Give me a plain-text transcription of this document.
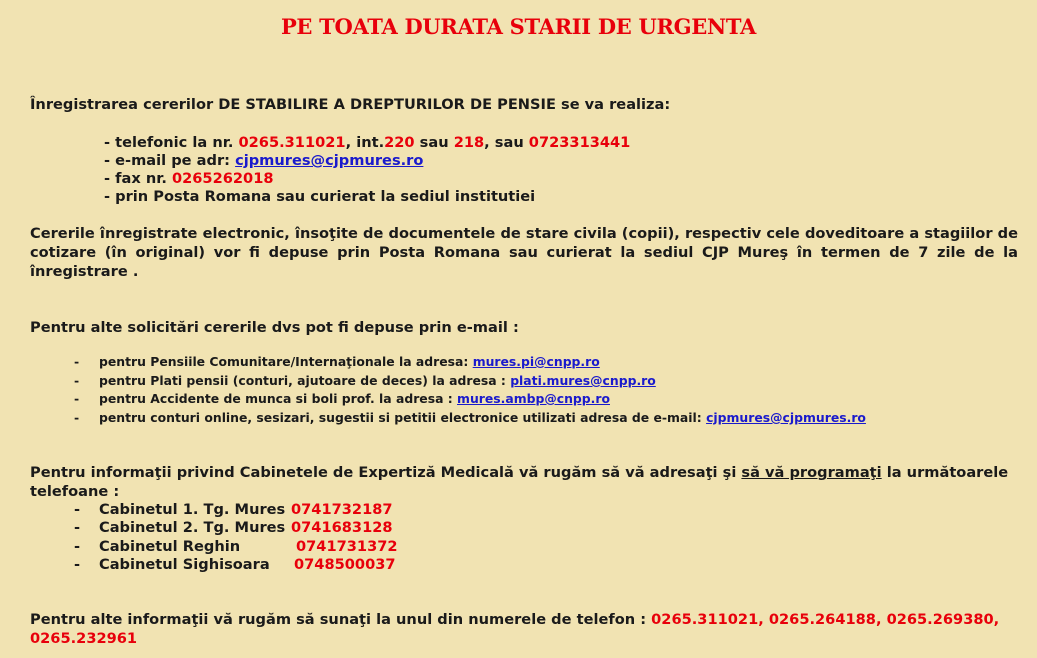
PE TOATA DURATA STARII DE URGENTA
Înregistrarea cererilor DE STABILIRE A DREPTURILOR DE PENSIE se va realiza:
- telefonic la nr. 0265.311021, int.220 sau 218, sau 0723313441
- e-mail pe adr: cjpmures@cjpmures.ro
- fax nr. 0265262018
- prin Posta Romana sau curierat la sediul institutiei
Cererile înregistrate electronic, însoţite de documentele de stare civila (copii), respectiv cele doveditoare a stagiilor de cotizare (în original) vor fi depuse prin Posta Romana sau curierat la sediul CJP Mureş în termen de 7 zile de la înregistrare .
Pentru alte solicitări cererile dvs pot fi depuse prin e-mail :
- pentru Pensiile Comunitare/Internaţionale la adresa: mures.pi@cnpp.ro
- pentru Plati pensii (conturi, ajutoare de deces) la adresa : plati.mures@cnpp.ro
- pentru Accidente de munca si boli prof. la adresa : mures.ambp@cnpp.ro
- pentru conturi online, sesizari, sugestii si petitii electronice utilizati adresa de e-mail: cjpmures@cjpmures.ro
Pentru informaţii privind Cabinetele de Expertiză Medicală vă rugăm să vă adresaţi şi să vă programaţi la următoarele telefoane :
- Cabinetul 1. Tg. Mures 0741732187
- Cabinetul 2. Tg. Mures 0741683128
- Cabinetul Reghin	0741731372
- Cabinetul Sighisoara 0748500037
Pentru alte informaţii vă rugăm să sunaţi la unul din numerele de telefon : 0265.311021, 0265.264188, 0265.269380, 0265.232961
